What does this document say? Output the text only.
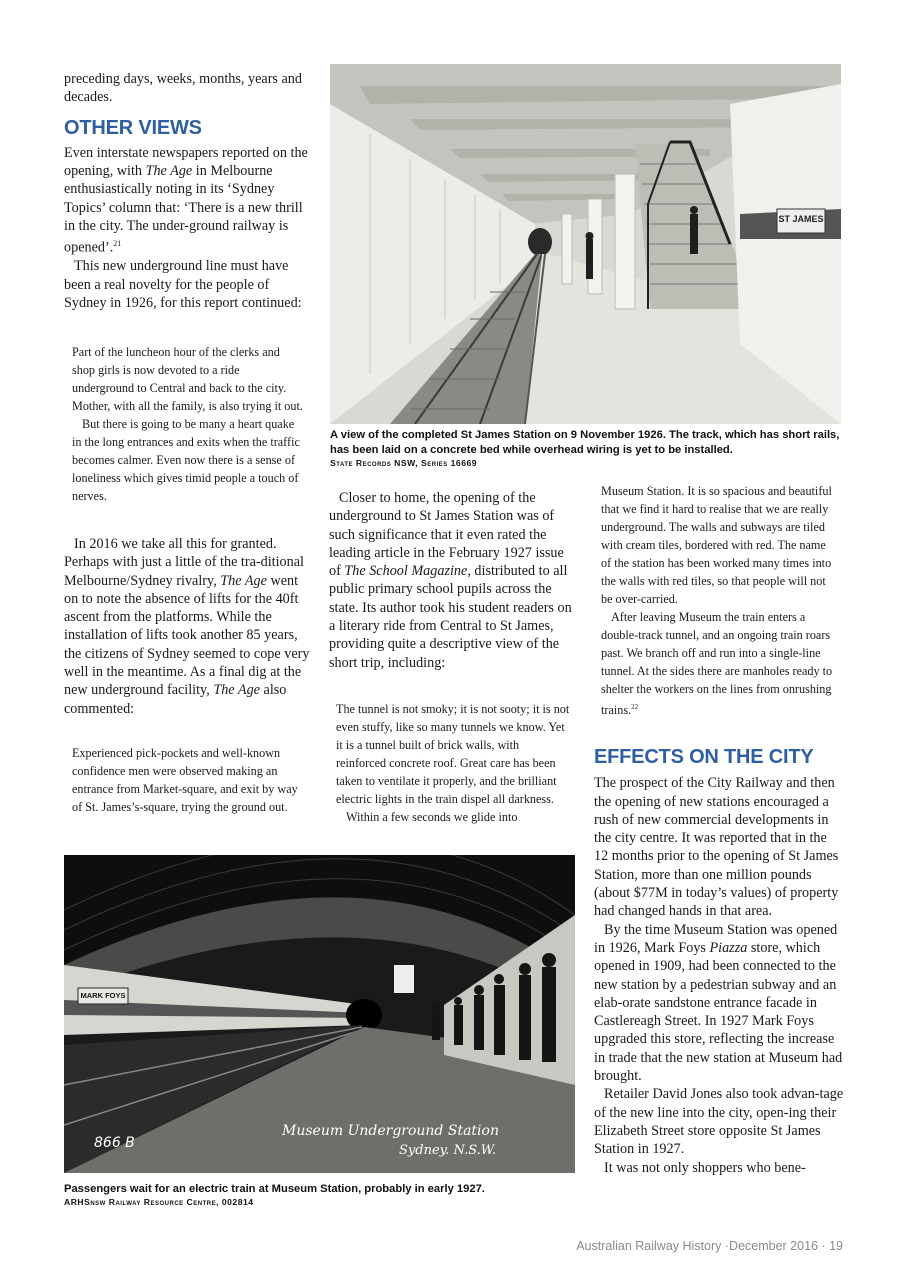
preceding days, weeks, months, years and decades.

OTHER VIEWS

Even interstate newspapers reported on the opening, with The Age in Melbourne enthusiastically noting in its ‘Sydney Topics’ column that: ‘There is a new thrill in the city. The under-ground railway is opened’.$^{21}$

This new underground line must have been a real novelty for the people of Sydney in 1926, for this report continued:

Part of the luncheon hour of the clerks and shop girls is now devoted to a ride underground to Central and back to the city. Mother, with all the family, is also trying it out.

But there is going to be many a heart quake in the long entrances and exits when the traffic becomes calmer. Even now there is a sense of loneliness which gives timid people a touch of nerves.

In 2016 we take all this for granted. Perhaps with just a little of the tra-ditional Melbourne/Sydney rivalry, The Age went on to note the absence of lifts for the 40ft ascent from the platforms. While the installation of lifts took another 85 years, the citizens of Sydney seemed to cope very well in the meantime. As a final dig at the new underground facility, The Age also commented:

Experienced pick-pockets and well-known confidence men were observed making an entrance from Market-square, and exit by way of St. James’s-square, trying the ground out.

ST JAMES
A view of the completed St James Station on 9 November 1926. The track, which has short rails, has been laid on a concrete bed while overhead wiring is yet to be installed.
State Records NSW, Series 16669

Closer to home, the opening of the underground to St James Station was of such significance that it even rated the leading article in the February 1927 issue of The School Magazine, distributed to all public primary school pupils across the state. Its author took his student readers on a literary ride from Central to St James, providing quite a descriptive view of the short trip, including:

The tunnel is not smoky; it is not sooty; it is not even stuffy, like so many tunnels we know. Yet it is a tunnel built of brick walls, with reinforced concrete roof. Great care has been taken to ventilate it properly, and the brilliant electric lights in the train dispel all darkness.

Within a few seconds we glide into

Museum Station. It is so spacious and beautiful that we find it hard to realise that we are really underground. The walls and subways are tiled with cream tiles, bordered with red. The name of the station has been worked many times into the walls with red tiles, so that people will not be over-carried.

After leaving Museum the train enters a double-track tunnel, and an ongoing train roars past. We branch off and run into a single-line tunnel. At the sides there are manholes ready to shelter the workers on the lines from onrushing trains.$^{22}$

EFFECTS ON THE CITY

The prospect of the City Railway and then the opening of new stations encouraged a rush of new commercial developments in the city centre. It was reported that in the 12 months prior to the opening of St James Station, more than one million pounds (about $77M in today’s values) of property had changed hands in that area.

By the time Museum Station was opened in 1926, Mark Foys Piazza store, which opened in 1909, had been connected to the new station by a pedestrian subway and an elab-orate sandstone entrance facade in Castlereagh Street. In 1927 Mark Foys upgraded this store, reflecting the increase in trade that the new station at Museum had brought.

Retailer David Jones also took advan-tage of the new line into the city, open-ing their Elizabeth Street store opposite St James Station in 1927.

It was not only shoppers who bene-

MARK FOYS
866 B
Museum Underground Station
Sydney. N.S.W.
Passengers wait for an electric train at Museum Station, probably in early 1927.
ARHSnsw Railway Resource Centre, 002814
Australian Railway History ·December 2016 · 19
